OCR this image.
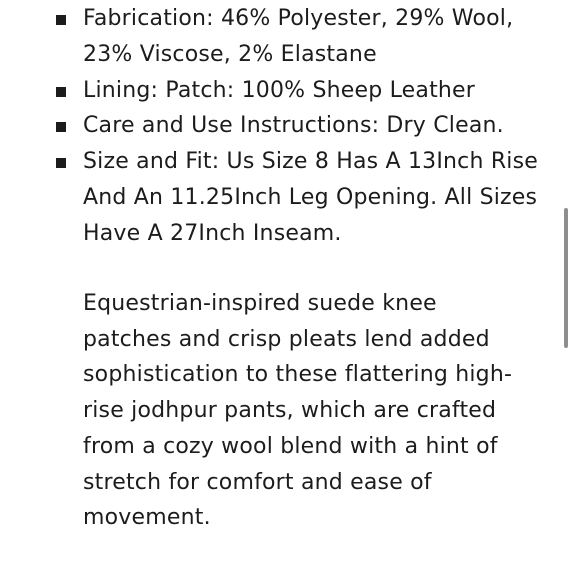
Fabrication: 46% Polyester, 29% Wool, 23% Viscose, 2% Elastane
Lining: Patch: 100% Sheep Leather
Care and Use Instructions: Dry Clean.
Size and Fit: Us Size 8 Has A 13Inch Rise And An 11.25Inch Leg Opening. All Sizes Have A 27Inch Inseam.

Equestrian-inspired suede knee patches and crisp pleats lend added sophistication to these flattering high-rise jodhpur pants, which are crafted from a cozy wool blend with a hint of stretch for comfort and ease of movement.
